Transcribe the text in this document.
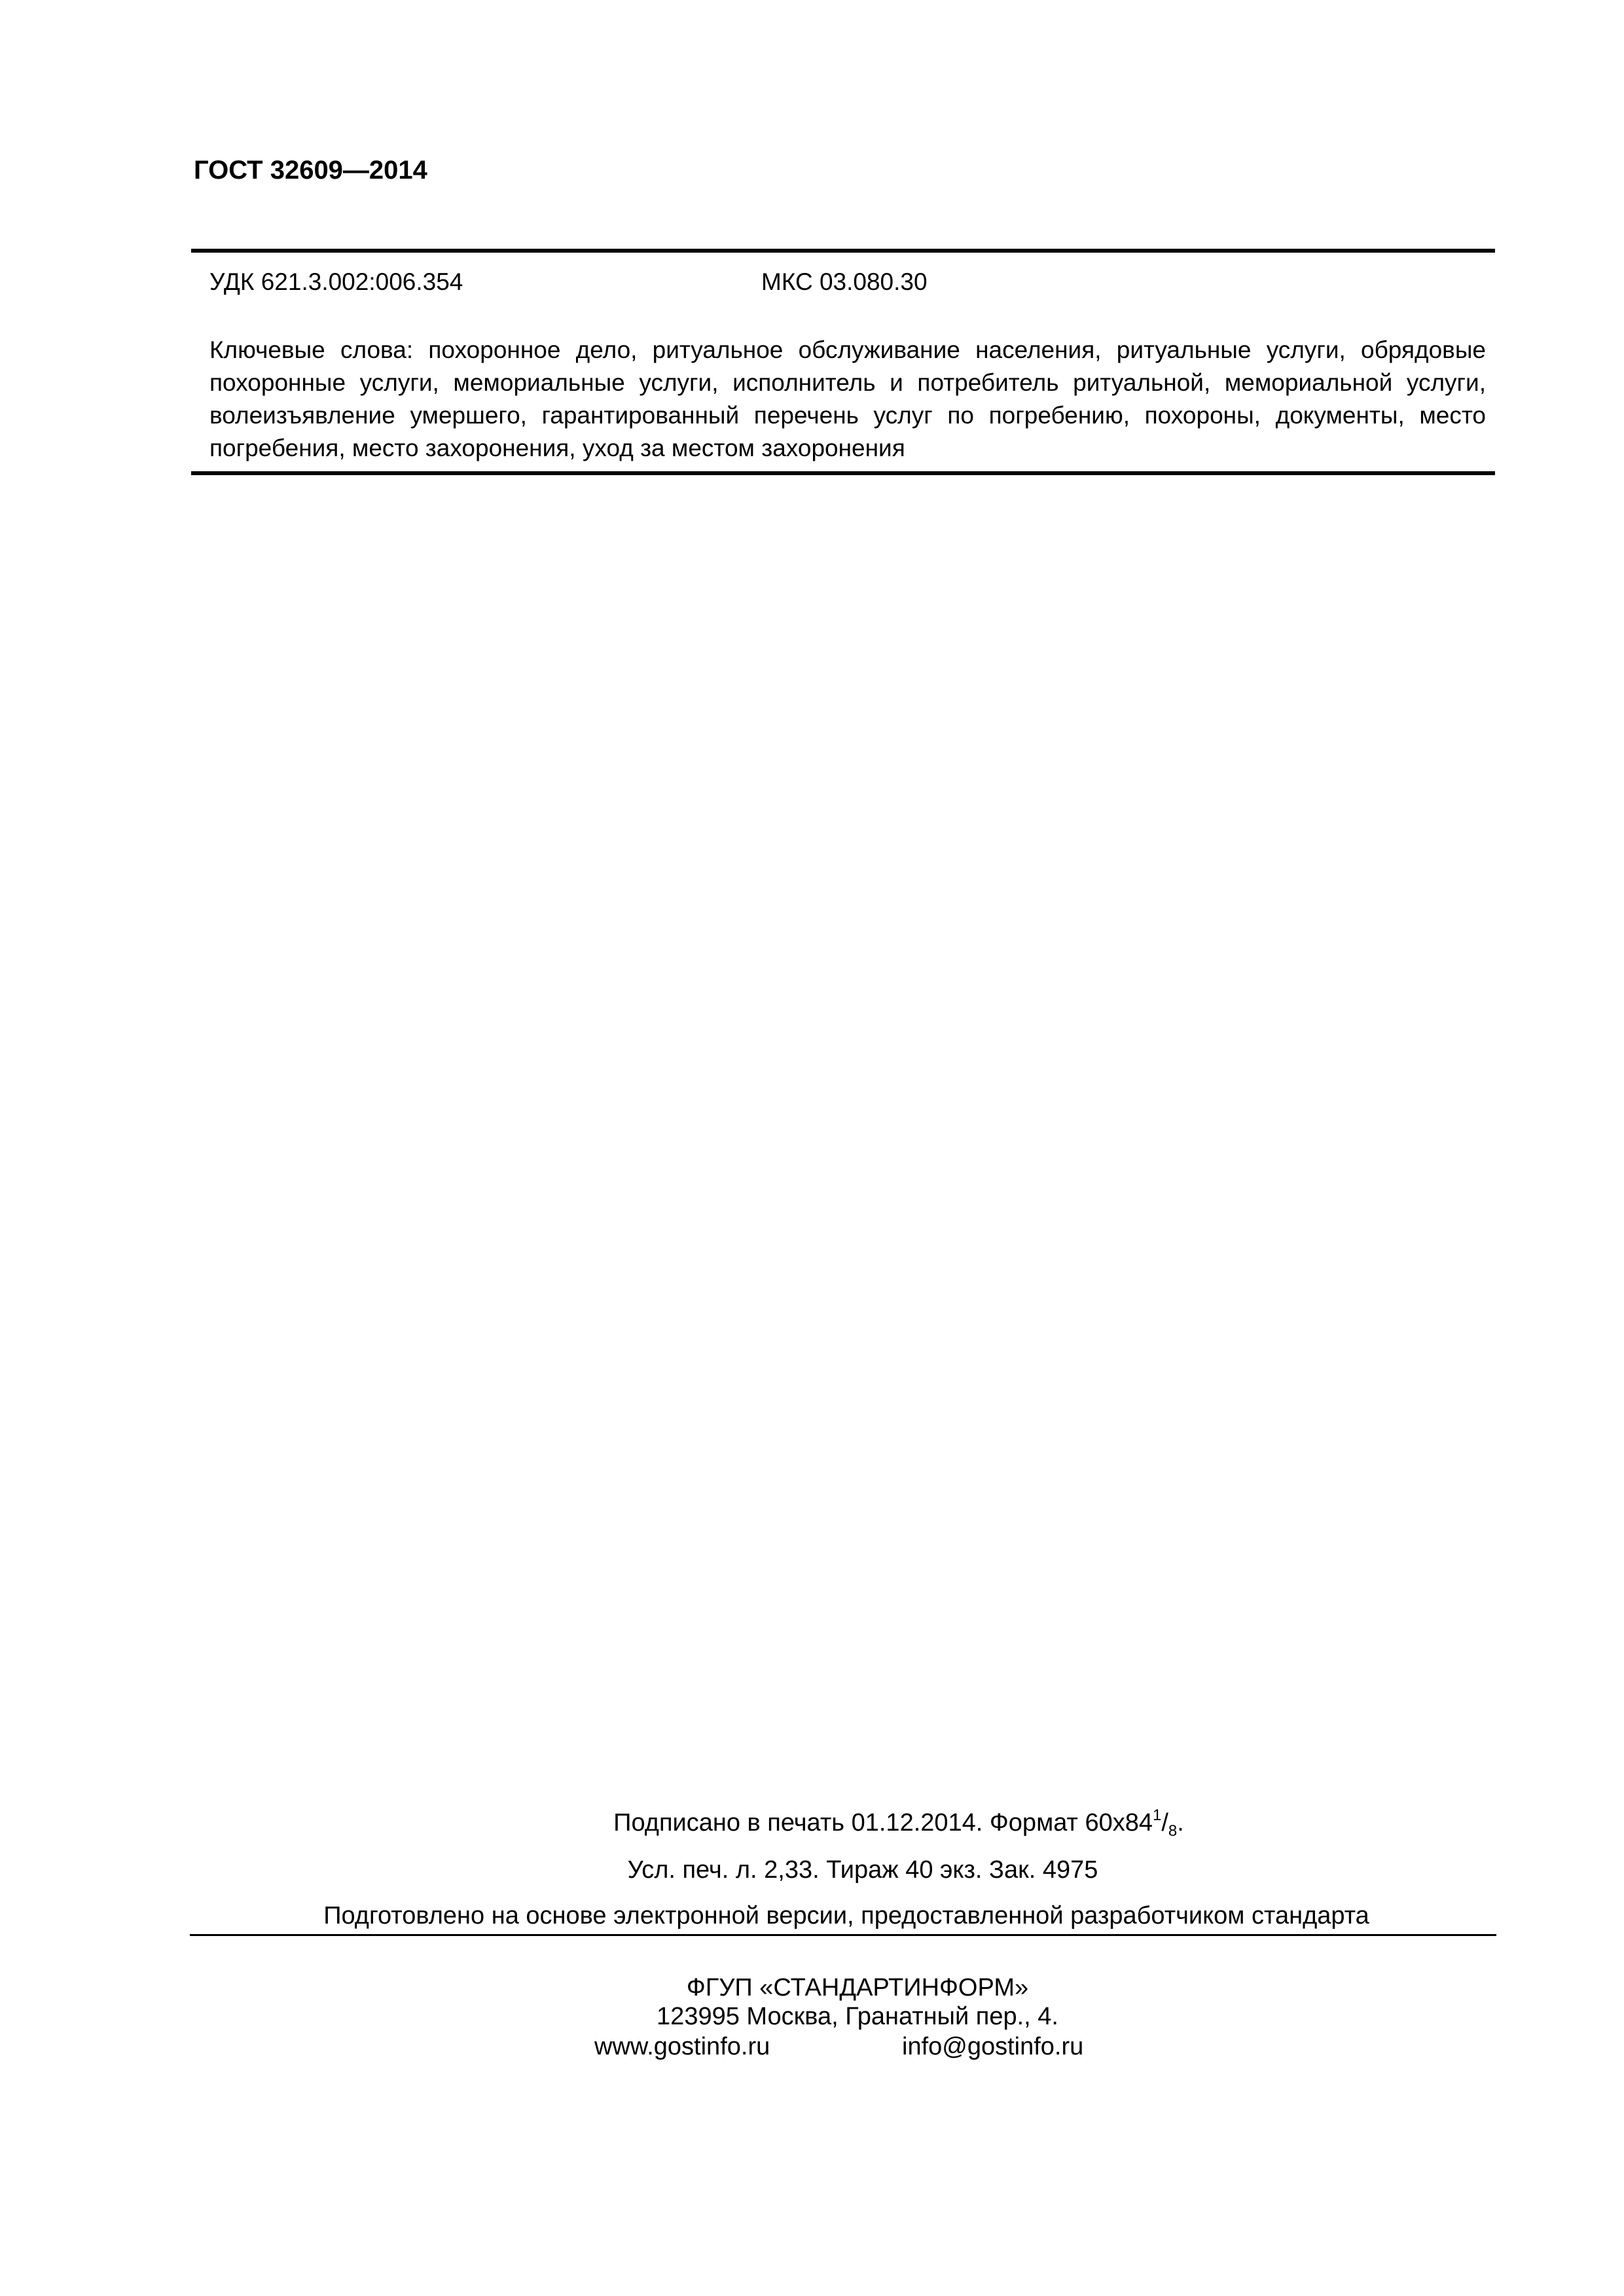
ГОСТ 32609—2014
УДК 621.3.002:006.354	МКС 03.080.30
Ключевые слова: похоронное дело, ритуальное обслуживание населения, ритуальные услуги, обрядовые похоронные услуги, мемориальные услуги, исполнитель и потребитель ритуальной, мемориальной услуги, волеизъявление умершего, гарантированный перечень услуг по погребению, похороны, документы, место погребения, место захоронения, уход за местом захоронения
Подписано в печать 01.12.2014. Формат $60х84^1/_8$.
Усл. печ. л. 2,33. Тираж 40 экз. Зак. 4975
Подготовлено на основе электронной версии, предоставленной разработчиком стандарта
ФГУП «СТАНДАРТИНФОРМ»
123995 Москва, Гранатный пер., 4.
www.gostinfo.ru	info@gostinfo.ru
